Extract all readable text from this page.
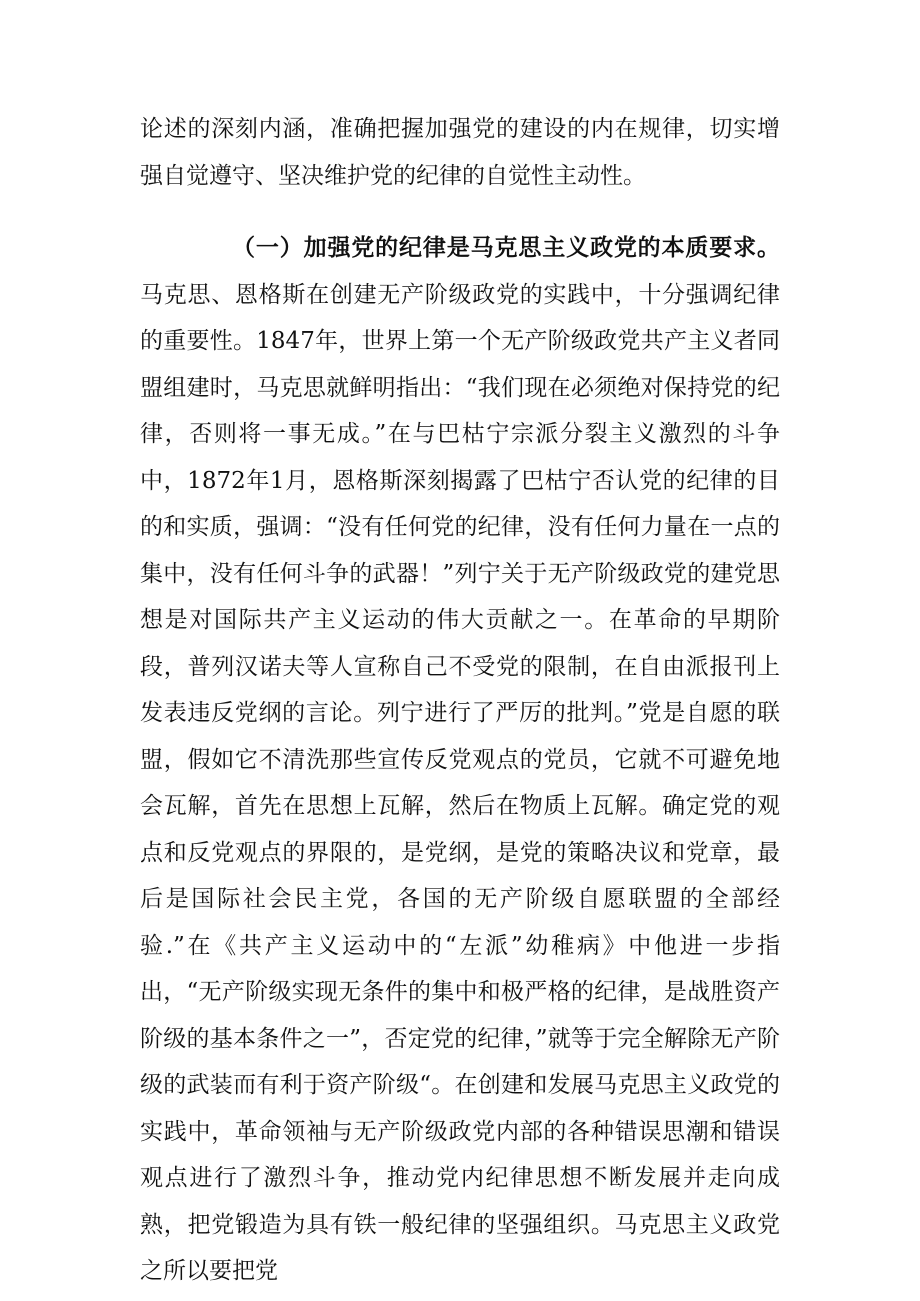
论述的深刻内涵，准确把握加强党的建设的内在规律，切实增强自觉遵守、坚决维护党的纪律的自觉性主动性。

（一）加强党的纪律是马克思主义政党的本质要求。马克思、恩格斯在创建无产阶级政党的实践中，十分强调纪律的重要性。1847年，世界上第一个无产阶级政党共产主义者同盟组建时，马克思就鲜明指出：“我们现在必须绝对保持党的纪律，否则将一事无成。”在与巴枯宁宗派分裂主义激烈的斗争中，1872年1月，恩格斯深刻揭露了巴枯宁否认党的纪律的目的和实质，强调：“没有任何党的纪律，没有任何力量在一点的集中，没有任何斗争的武器！”列宁关于无产阶级政党的建党思想是对国际共产主义运动的伟大贡献之一。在革命的早期阶段，普列汉诺夫等人宣称自己不受党的限制，在自由派报刊上发表违反党纲的言论。列宁进行了严厉的批判。”党是自愿的联盟，假如它不清洗那些宣传反党观点的党员，它就不可避免地会瓦解，首先在思想上瓦解，然后在物质上瓦解。确定党的观点和反党观点的界限的，是党纲，是党的策略决议和党章，最后是国际社会民主党，各国的无产阶级自愿联盟的全部经验.”在《共产主义运动中的“左派”幼稚病》中他进一步指出，“无产阶级实现无条件的集中和极严格的纪律，是战胜资产阶级的基本条件之一”，否定党的纪律，”就等于完全解除无产阶级的武装而有利于资产阶级“。在创建和发展马克思主义政党的实践中，革命领袖与无产阶级政党内部的各种错误思潮和错误观点进行了激烈斗争，推动党内纪律思想不断发展并走向成熟，把党锻造为具有铁一般纪律的坚强组织。马克思主义政党之所以要把党
